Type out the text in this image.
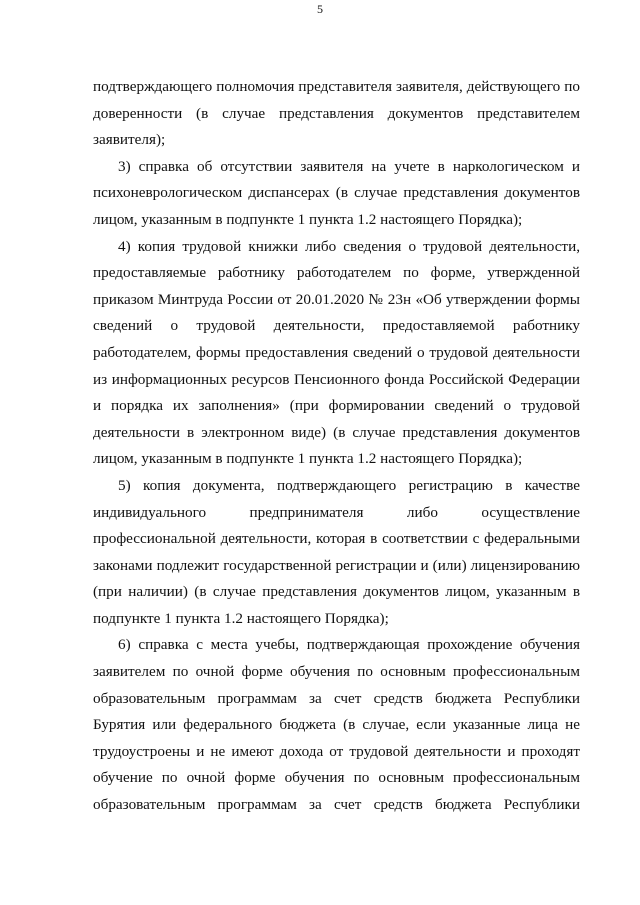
5
подтверждающего полномочия представителя заявителя, действующего по
доверенности (в случае представления документов представителем
заявителя);
3) справка об отсутствии заявителя на учете в наркологическом и
психоневрологическом диспансерах (в случае представления документов
лицом, указанным в подпункте 1 пункта 1.2 настоящего Порядка);
4) копия трудовой книжки либо сведения о трудовой деятельности,
предоставляемые работнику работодателем по форме, утвержденной
приказом Минтруда России от 20.01.2020 № 23н «Об утверждении формы
сведений о трудовой деятельности, предоставляемой работнику
работодателем, формы предоставления сведений о трудовой деятельности
из информационных ресурсов Пенсионного фонда Российской Федерации
и порядка их заполнения» (при формировании сведений о трудовой
деятельности в электронном виде) (в случае представления документов
лицом, указанным в подпункте 1 пункта 1.2 настоящего Порядка);
5) копия документа, подтверждающего регистрацию в качестве
индивидуального предпринимателя либо осуществление
профессиональной деятельности, которая в соответствии с федеральными
законами подлежит государственной регистрации и (или) лицензированию
(при наличии) (в случае представления документов лицом, указанным в
подпункте 1 пункта 1.2 настоящего Порядка);
6) справка с места учебы, подтверждающая прохождение обучения
заявителем по очной форме обучения по основным профессиональным
образовательным программам за счет средств бюджета Республики
Бурятия или федерального бюджета (в случае, если указанные лица не
трудоустроены и не имеют дохода от трудовой деятельности и проходят
обучение по очной форме обучения по основным профессиональным
образовательным программам за счет средств бюджета Республики
